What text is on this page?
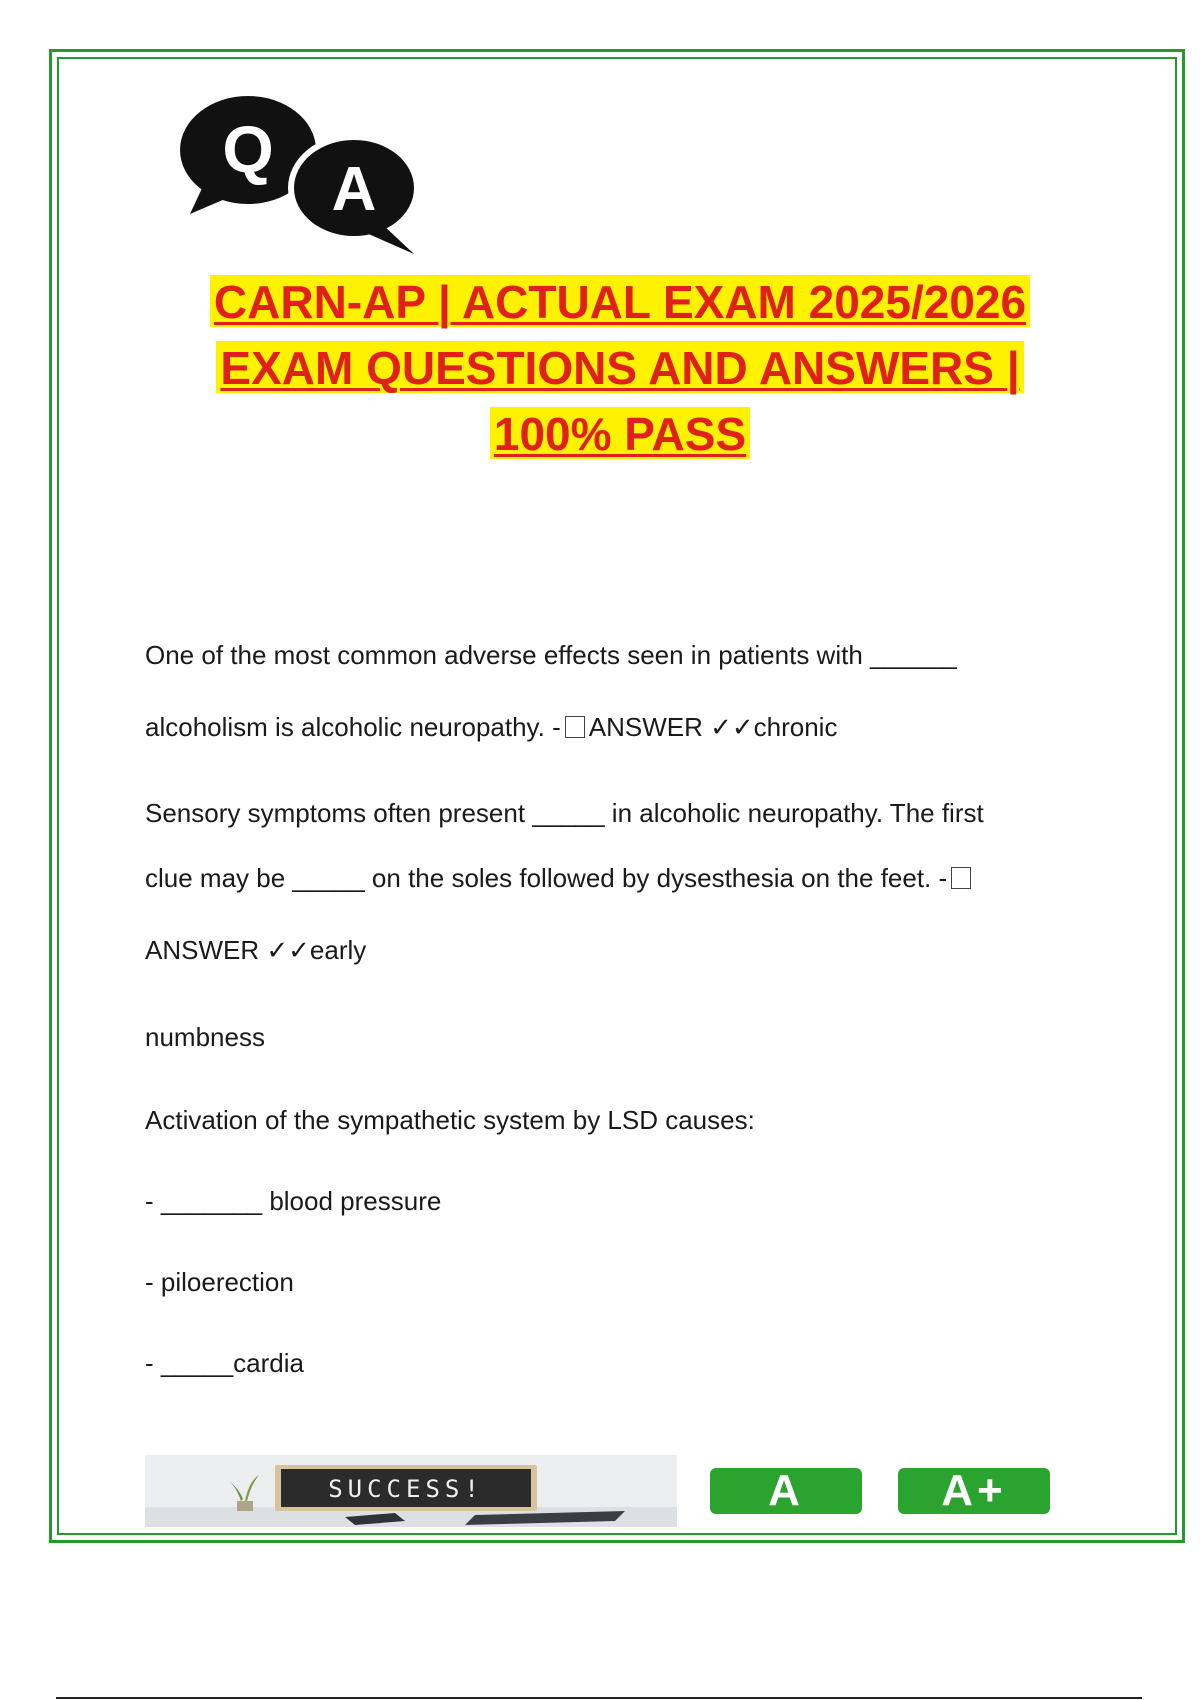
Q
A
CARN-AP | ACTUAL EXAM 2025/2026
EXAM QUESTIONS AND ANSWERS |
100% PASS
One of the most common adverse effects seen in patients with ______
alcoholism is alcoholic neuropathy. - ANSWER ✓✓chronic
Sensory symptoms often present _____ in alcoholic neuropathy. The first
clue may be _____ on the soles followed by dysesthesia on the feet. -
ANSWER ✓✓early
numbness
Activation of the sympathetic system by LSD causes:
- _______ blood pressure
- piloerection
- _____cardia
SUCCESS!	A	A+
